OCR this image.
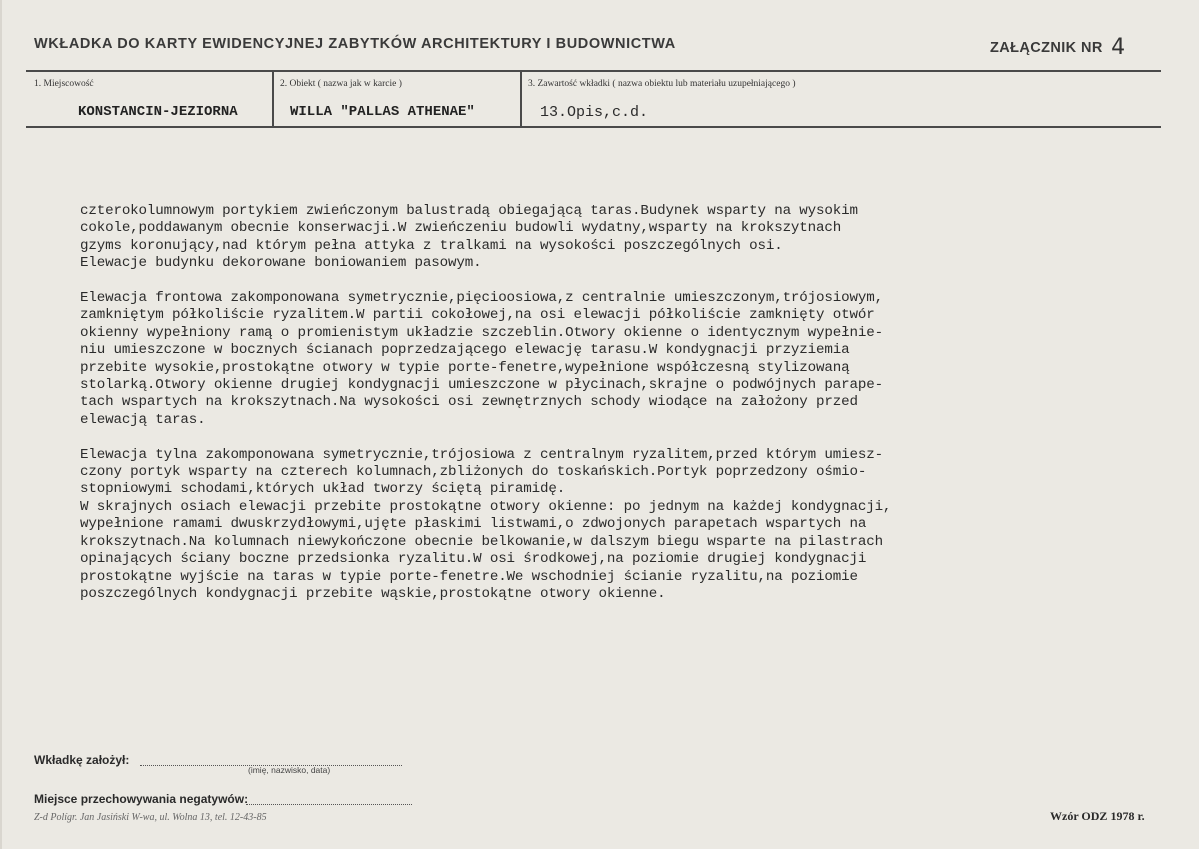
WKŁADKA DO KARTY EWIDENCYJNEJ ZABYTKÓW ARCHITEKTURY I BUDOWNICTWA	ZAŁĄCZNIK NR 4
1. Miejscowość
KONSTANCIN-JEZIORNA
2. Obiekt ( nazwa jak w karcie )
WILLA "PALLAS ATHENAE"
3. Zawartość wkładki ( nazwa obiektu lub materiału uzupełniającego )
13.Opis,c.d.

czterokolumnowym portykiem zwieńczonym balustradą obiegającą taras.Budynek wsparty na wysokim
cokole,poddawanym obecnie konserwacji.W zwieńczeniu budowli wydatny,wsparty na krokszytnach
gzyms koronujący,nad którym pełna attyka z tralkami na wysokości poszczególnych osi.
Elewacje budynku dekorowane boniowaniem pasowym.

Elewacja frontowa zakomponowana symetrycznie,pięcioosiowa,z centralnie umieszczonym,trójosiowym,
zamkniętym półkoliście ryzalitem.W partii cokołowej,na osi elewacji półkoliście zamknięty otwór
okienny wypełniony ramą o promienistym układzie szczeblin.Otwory okienne o identycznym wypełnie-
niu umieszczone w bocznych ścianach poprzedzającego elewację tarasu.W kondygnacji przyziemia
przebite wysokie,prostokątne otwory w typie porte-fenetre,wypełnione współczesną stylizowaną
stolarką.Otwory okienne drugiej kondygnacji umieszczone w płycinach,skrajne o podwójnych parape-
tach wspartych na krokszytnach.Na wysokości osi zewnętrznych schody wiodące na założony przed
elewacją taras.

Elewacja tylna zakomponowana symetrycznie,trójosiowa z centralnym ryzalitem,przed którym umiesz-
czony portyk wsparty na czterech kolumnach,zbliżonych do toskańskich.Portyk poprzedzony ośmio-
stopniowymi schodami,których układ tworzy ściętą piramidę.

W skrajnych osiach elewacji przebite prostokątne otwory okienne: po jednym na każdej kondygnacji,
wypełnione ramami dwuskrzydłowymi,ujęte płaskimi listwami,o zdwojonych parapetach wspartych na
krokszytnach.Na kolumnach niewykończone obecnie belkowanie,w dalszym biegu wsparte na pilastrach
opinających ściany boczne przedsionka ryzalitu.W osi środkowej,na poziomie drugiej kondygnacji
prostokątne wyjście na taras w typie porte-fenetre.We wschodniej ścianie ryzalitu,na poziomie
poszczególnych kondygnacji przebite wąskie,prostokątne otwory okienne.

Wkładkę założył:
(imię, nazwisko, data)
Miejsce przechowywania negatywów:
Z-d Polígr. Jan Jasiński W-wa, ul. Wolna 13, tel. 12-43-85	Wzór ODZ 1978 r.
